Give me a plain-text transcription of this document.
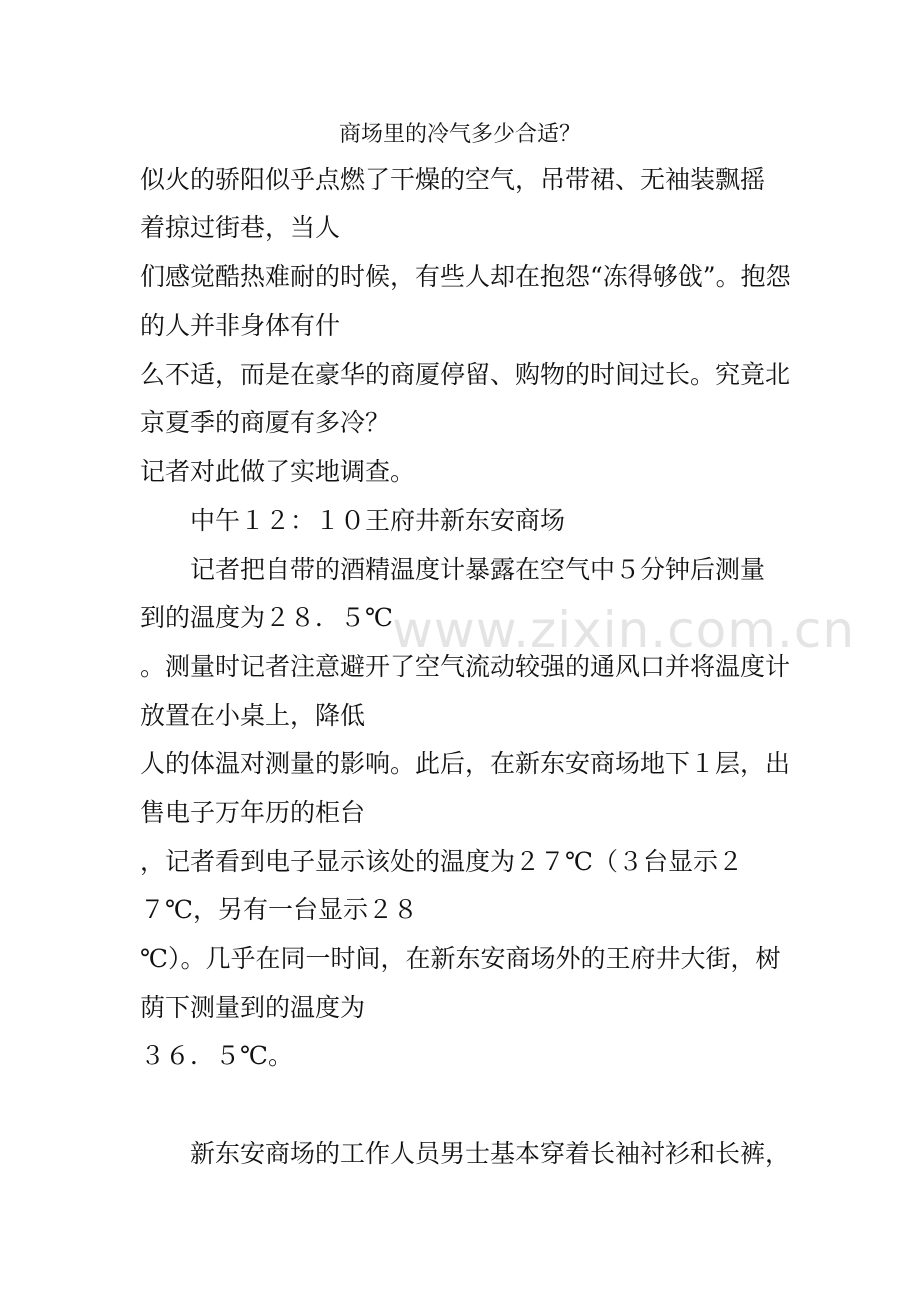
商场里的冷气多少合适？
似火的骄阳似乎点燃了干燥的空气，吊带裙、无袖装飘摇
着掠过街巷，当人
们感觉酷热难耐的时候，有些人却在抱怨“冻得够戗”。抱怨
的人并非身体有什
么不适，而是在豪华的商厦停留、购物的时间过长。究竟北
京夏季的商厦有多冷？
记者对此做了实地调查。
中午１２：１０王府井新东安商场
记者把自带的酒精温度计暴露在空气中５分钟后测量
到的温度为２８．５℃
。测量时记者注意避开了空气流动较强的通风口并将温度计
放置在小桌上，降低
人的体温对测量的影响。此后，在新东安商场地下１层，出
售电子万年历的柜台
，记者看到电子显示该处的温度为２７℃（３台显示２
７℃，另有一台显示２８
℃）。几乎在同一时间，在新东安商场外的王府井大街，树
荫下测量到的温度为
３６．５℃。
新东安商场的工作人员男士基本穿着长袖衬衫和长裤，
www.zixin.com.cn
